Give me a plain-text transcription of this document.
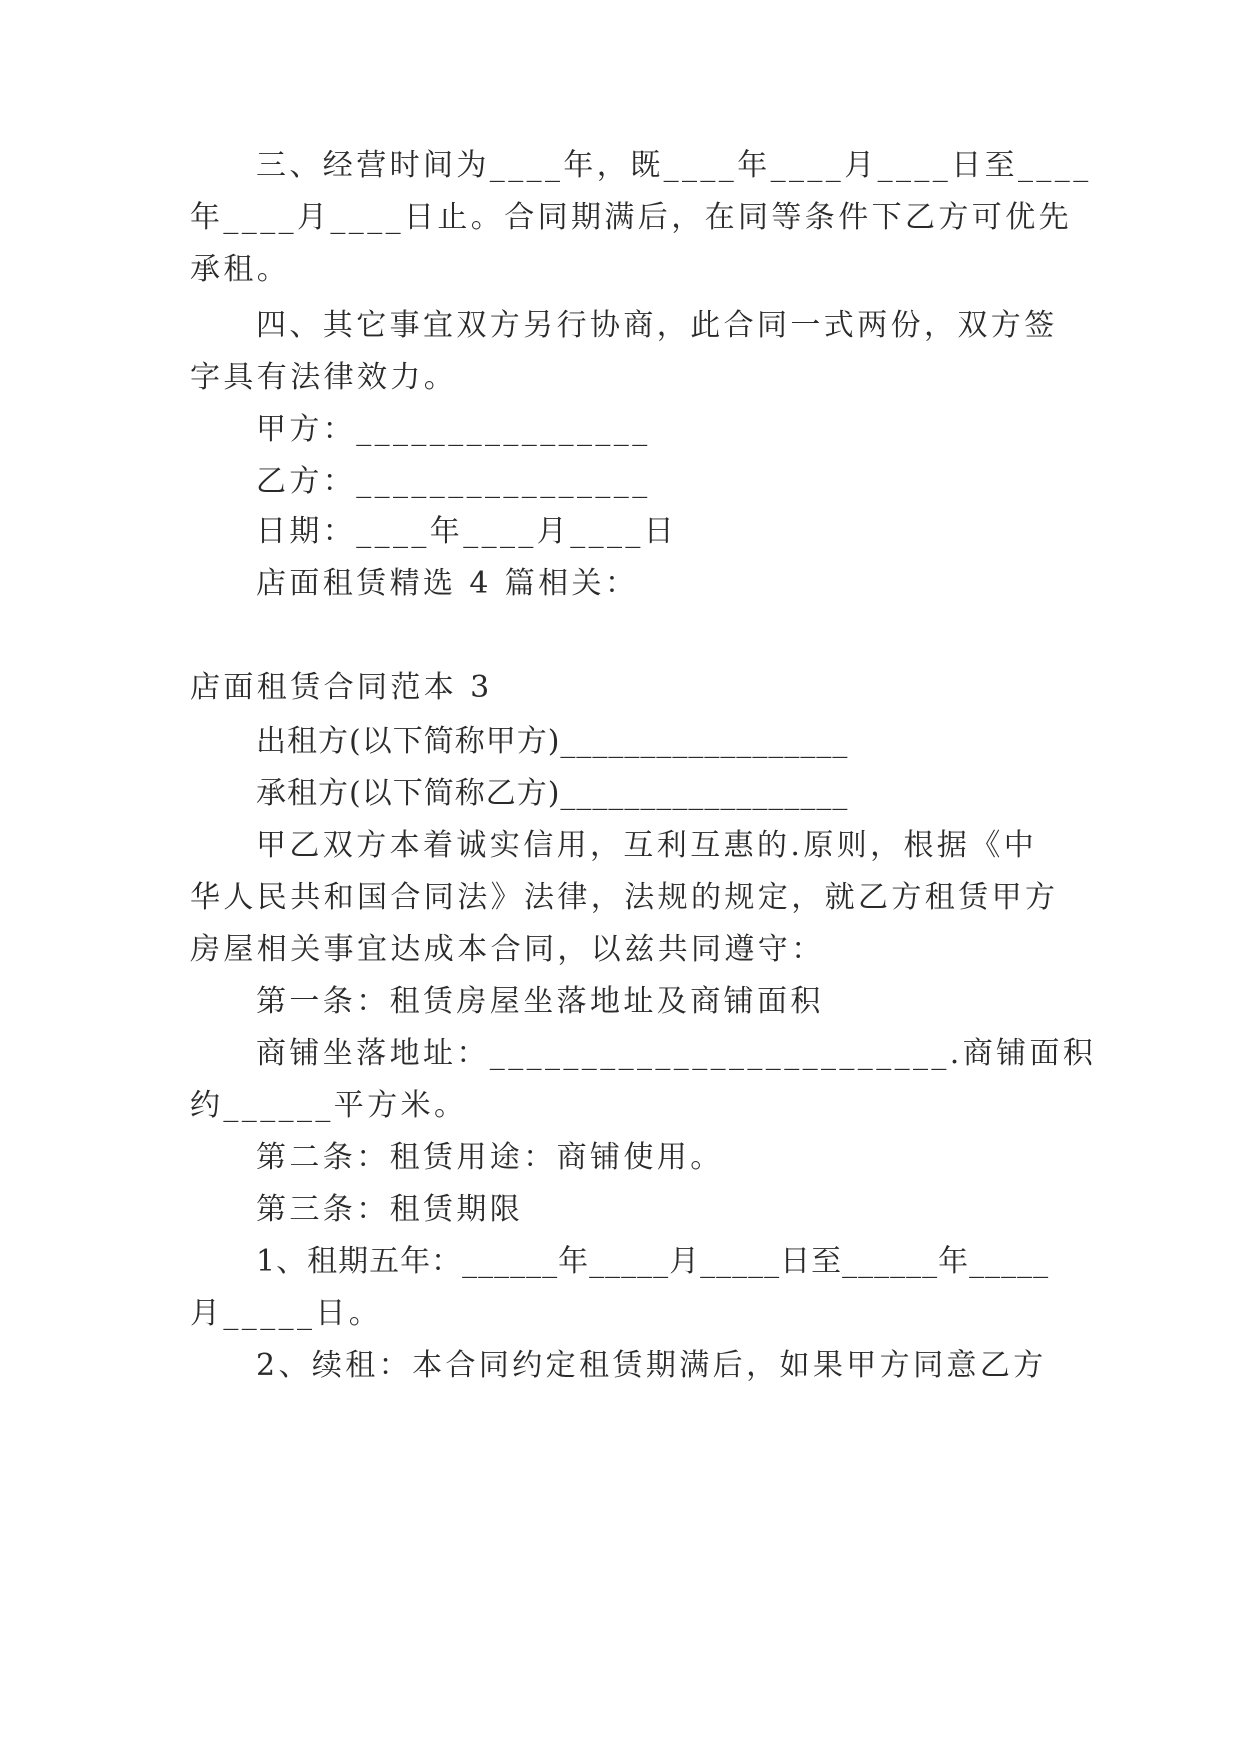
三、经营时间为____年，既____年____月____日至____
年____月____日止。合同期满后，在同等条件下乙方可优先
承租。
四、其它事宜双方另行协商，此合同一式两份，双方签
字具有法律效力。
甲方：________________
乙方：________________
日期：____年____月____日
店面租赁精选 4 篇相关：
店面租赁合同范本 3
出租方(以下简称甲方)__________________
承租方(以下简称乙方)__________________
甲乙双方本着诚实信用，互利互惠的.原则，根据《中
华人民共和国合同法》法律，法规的规定，就乙方租赁甲方
房屋相关事宜达成本合同，以兹共同遵守：
第一条：租赁房屋坐落地址及商铺面积
商铺坐落地址：_________________________.商铺面积
约______平方米。
第二条：租赁用途：商铺使用。
第三条：租赁期限
1、租期五年：______年_____月_____日至______年_____
月_____日。
2、续租：本合同约定租赁期满后，如果甲方同意乙方
